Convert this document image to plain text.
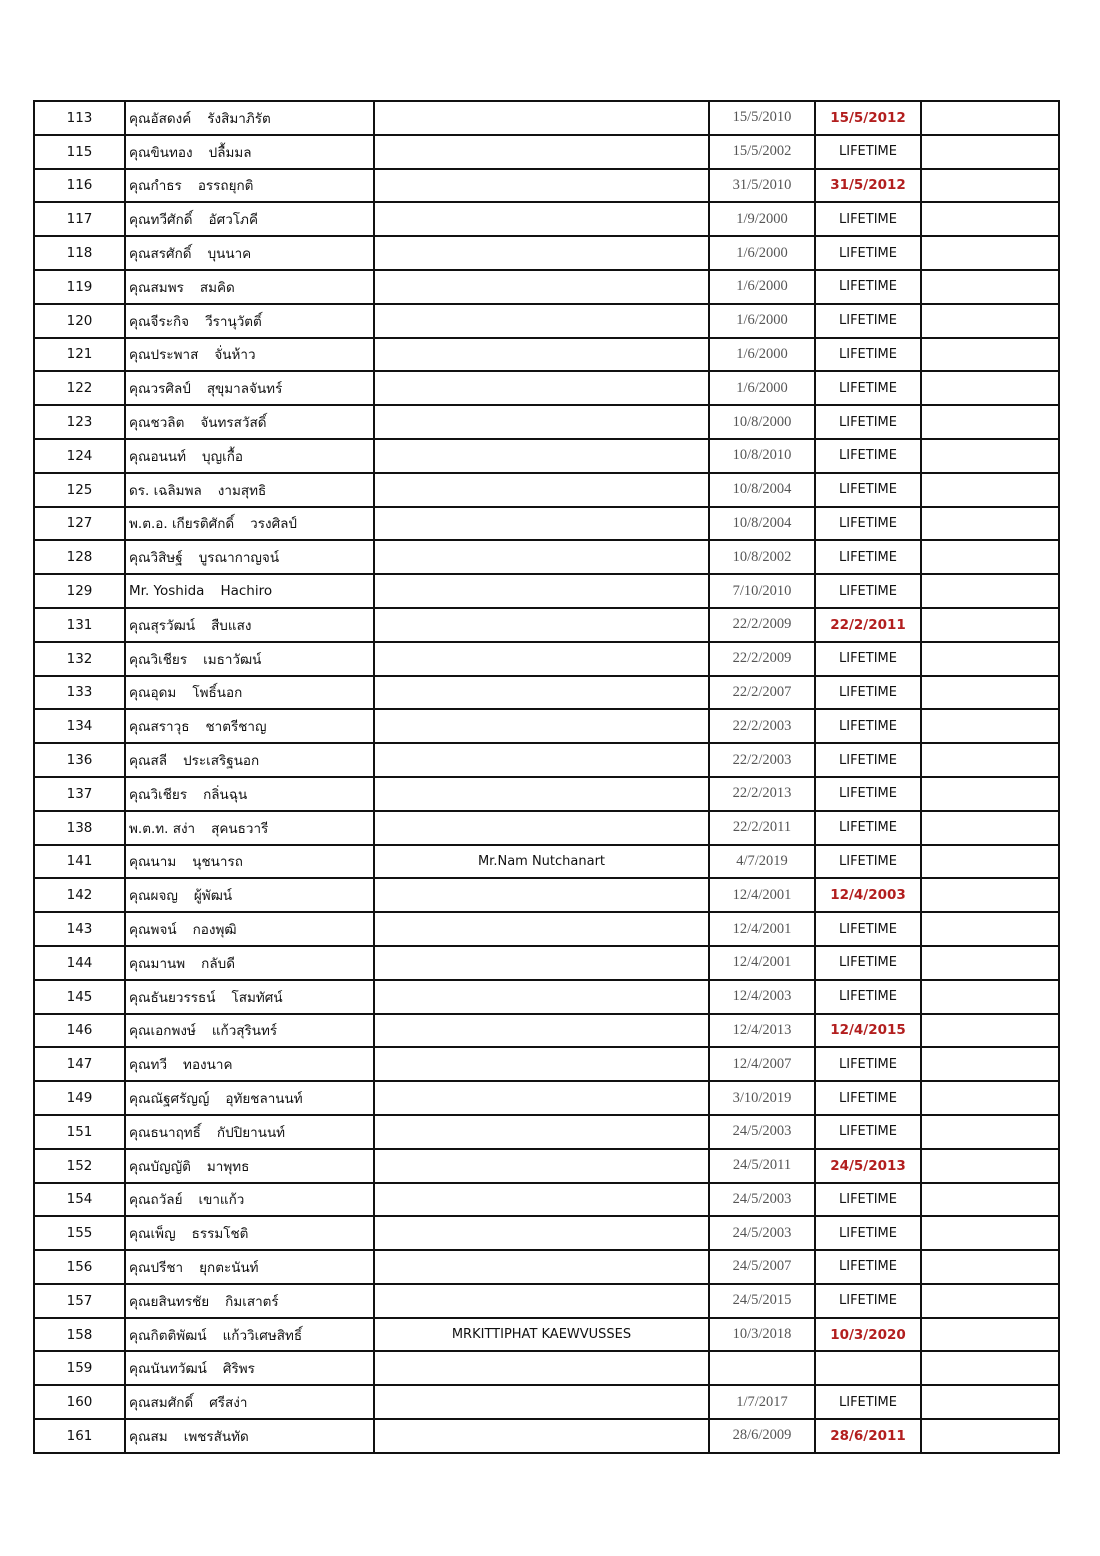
113	คุณอัสดงค์ รังสิมาภิรัต		15/5/2010	15/5/2012	
115	คุณขินทอง ปลื้มมล		15/5/2002	LIFETIME	
116	คุณกำธร อรรถยุกติ		31/5/2010	31/5/2012	
117	คุณทวีศักดิ์ อัศวโภคี		1/9/2000	LIFETIME	
118	คุณสรศักดิ์ บุนนาค		1/6/2000	LIFETIME	
119	คุณสมพร สมคิด		1/6/2000	LIFETIME	
120	คุณจีระกิจ วีรานุวัตติ์		1/6/2000	LIFETIME	
121	คุณประพาส จั่นห้าว		1/6/2000	LIFETIME	
122	คุณวรศิลป์ สุขุมาลจันทร์		1/6/2000	LIFETIME	
123	คุณชวลิต จันทรสวัสดิ์		10/8/2000	LIFETIME	
124	คุณอนนท์ บุญเกื้อ		10/8/2010	LIFETIME	
125	ดร. เฉลิมพล งามสุทธิ		10/8/2004	LIFETIME	
127	พ.ต.อ. เกียรติศักดิ์ วรงศิลป์		10/8/2004	LIFETIME	
128	คุณวิสิษฐ์ บูรณากาญจน์		10/8/2002	LIFETIME	
129	Mr. Yoshida Hachiro		7/10/2010	LIFETIME	
131	คุณสุรวัฒน์ สืบแสง		22/2/2009	22/2/2011	
132	คุณวิเชียร เมธาวัฒน์		22/2/2009	LIFETIME	
133	คุณอุดม โพธิ์นอก		22/2/2007	LIFETIME	
134	คุณสราวุธ ชาตรีชาญ		22/2/2003	LIFETIME	
136	คุณสลี ประเสริฐนอก		22/2/2003	LIFETIME	
137	คุณวิเชียร กลิ่นฉุน		22/2/2013	LIFETIME	
138	พ.ต.ท. สง่า สุคนธวารี		22/2/2011	LIFETIME	
141	คุณนาม นุชนารถ	Mr.Nam Nutchanart	4/7/2019	LIFETIME	
142	คุณผจญ ผู้พัฒน์		12/4/2001	12/4/2003	
143	คุณพจน์ กองพุฒิ		12/4/2001	LIFETIME	
144	คุณมานพ กลับดี		12/4/2001	LIFETIME	
145	คุณธันยวรรธน์ โสมทัศน์		12/4/2003	LIFETIME	
146	คุณเอกพงษ์ แก้วสุรินทร์		12/4/2013	12/4/2015	
147	คุณทวี ทองนาค		12/4/2007	LIFETIME	
149	คุณณัฐศรัญญ์ อุทัยชลานนท์		3/10/2019	LIFETIME	
151	คุณธนาฤทธิ์ กัปปิยานนท์		24/5/2003	LIFETIME	
152	คุณบัญญัติ มาพุทธ		24/5/2011	24/5/2013	
154	คุณถวัลย์ เขาแก้ว		24/5/2003	LIFETIME	
155	คุณเพ็ญ ธรรมโชติ		24/5/2003	LIFETIME	
156	คุณปรีชา ยุกตะนันท์		24/5/2007	LIFETIME	
157	คุณยสินทรชัย กิมเสาตร์		24/5/2015	LIFETIME	
158	คุณกิตติพัฒน์ แก้ววิเศษสิทธิ์	MRKITTIPHAT KAEWVUSSES	10/3/2018	10/3/2020	
159	คุณนันทวัฒน์ ศิริพร				
160	คุณสมศักดิ์ ศรีสง่า		1/7/2017	LIFETIME	
161	คุณสม เพชรสันทัด		28/6/2009	28/6/2011	
